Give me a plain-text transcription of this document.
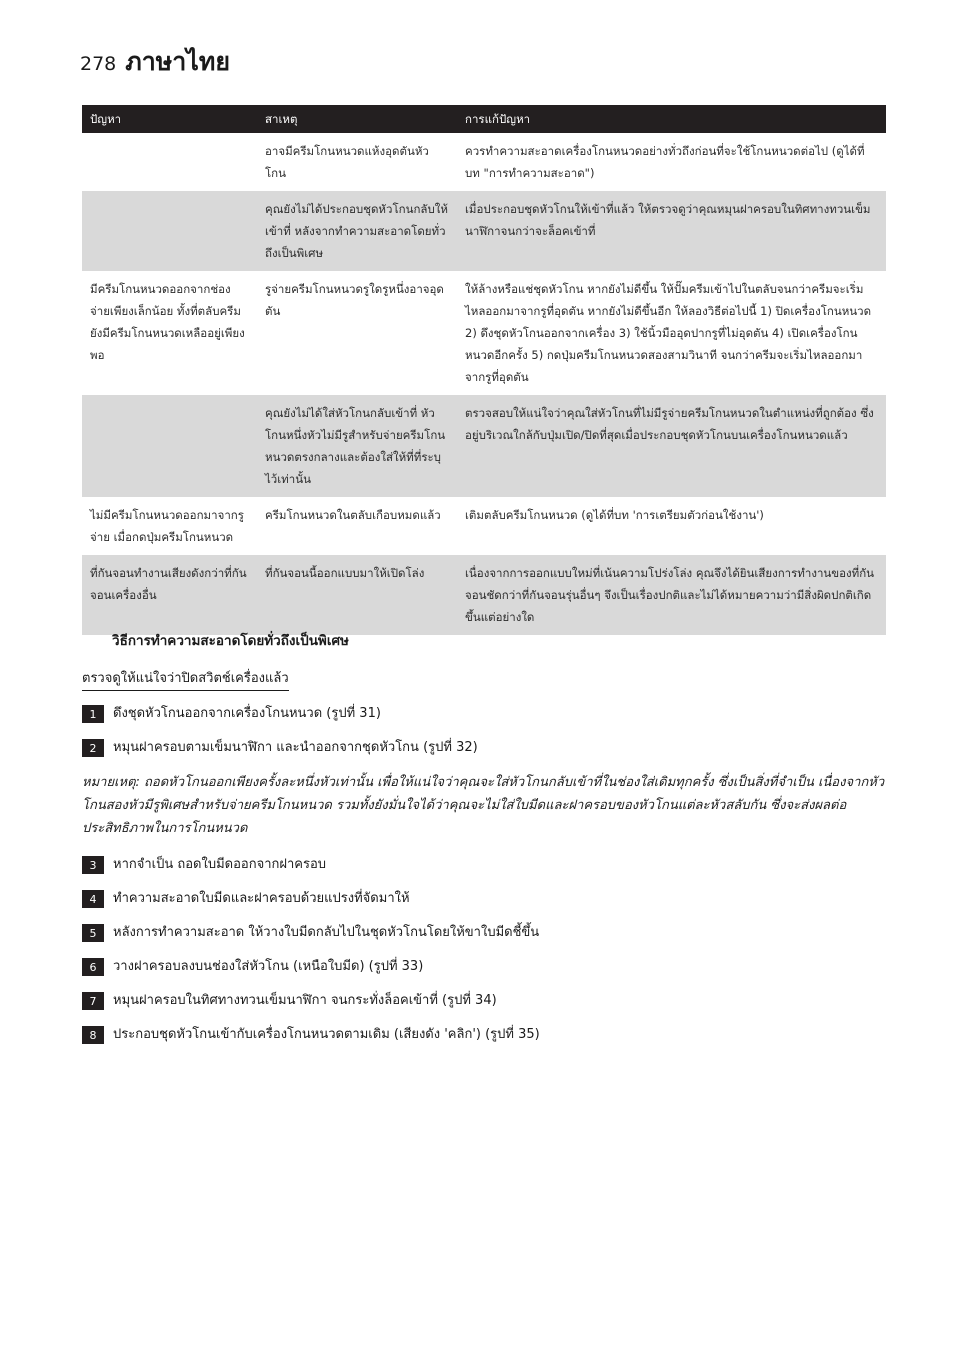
278 ภาษาไทย
ปัญหา	สาเหตุ	การแก้ปัญหา
	อาจมีครีมโกนหนวดแห้งอุดตันหัวโกน	ควรทำความสะอาดเครื่องโกนหนวดอย่างทั่วถึงก่อนที่จะใช้โกนหนวดต่อไป (ดูได้ที่บท "การทำความสะอาด")
	คุณยังไม่ได้ประกอบชุดหัวโกนกลับให้เข้าที่ หลังจากทำความสะอาดโดยทั่วถึงเป็นพิเศษ	เมื่อประกอบชุดหัวโกนให้เข้าที่แล้ว ให้ตรวจดูว่าคุณหมุนฝาครอบในทิศทางทวนเข็มนาฬิกาจนกว่าจะล็อคเข้าที่
มีครีมโกนหนวดออกจากช่องจ่ายเพียงเล็กน้อย ทั้งที่ตลับครีมยังมีครีมโกนหนวดเหลืออยู่เพียงพอ	รูจ่ายครีมโกนหนวดรูใดรูหนึ่งอาจอุดตัน	ให้ล้างหรือแช่ชุดหัวโกน หากยังไม่ดีขึ้น ให้ปั๊มครีมเข้าไปในตลับจนกว่าครีมจะเริ่มไหลออกมาจากรูที่อุดตัน หากยังไม่ดีขึ้นอีก ให้ลองวิธีต่อไปนี้ 1) ปิดเครื่องโกนหนวด 2) ดึงชุดหัวโกนออกจากเครื่อง 3) ใช้นิ้วมืออุดปากรูที่ไม่อุดตัน 4) เปิดเครื่องโกนหนวดอีกครั้ง 5) กดปุ่มครีมโกนหนวดสองสามวินาที จนกว่าครีมจะเริ่มไหลออกมาจากรูที่อุดตัน
	คุณยังไม่ได้ใส่หัวโกนกลับเข้าที่ หัวโกนหนึ่งหัวไม่มีรูสำหรับจ่ายครีมโกนหนวดตรงกลางและต้องใส่ให้ที่ที่ระบุไว้เท่านั้น	ตรวจสอบให้แน่ใจว่าคุณใส่หัวโกนที่ไม่มีรูจ่ายครีมโกนหนวดในตำแหน่งที่ถูกต้อง ซึ่งอยู่บริเวณใกล้กับปุ่มเปิด/ปิดที่สุดเมื่อประกอบชุดหัวโกนบนเครื่องโกนหนวดแล้ว
ไม่มีครีมโกนหนวดออกมาจากรูจ่าย เมื่อกดปุ่มครีมโกนหนวด	ครีมโกนหนวดในตลับเกือบหมดแล้ว	เติมตลับครีมโกนหนวด (ดูได้ที่บท 'การเตรียมตัวก่อนใช้งาน')
ที่กันจอนทำงานเสียงดังกว่าที่กันจอนเครื่องอื่น	ที่กันจอนนี้ออกแบบมาให้เปิดโล่ง	เนื่องจากการออกแบบใหม่ที่เน้นความโปร่งโล่ง คุณจึงได้ยินเสียงการทำงานของที่กันจอนชัดกว่าที่กันจอนรุ่นอื่นๆ จึงเป็นเรื่องปกติและไม่ได้หมายความว่ามีสิ่งผิดปกติเกิดขึ้นแต่อย่างใด
วิธีการทำความสะอาดโดยทั่วถึงเป็นพิเศษ
ตรวจดูให้แน่ใจว่าปิดสวิตช์เครื่องแล้ว
1	ดึงชุดหัวโกนออกจากเครื่องโกนหนวด (รูปที่ 31)
2	หมุนฝาครอบตามเข็มนาฬิกา และนำออกจากชุดหัวโกน (รูปที่ 32)

หมายเหตุ: ถอดหัวโกนออกเพียงครั้งละหนึ่งหัวเท่านั้น เพื่อให้แน่ใจว่าคุณจะใส่หัวโกนกลับเข้าที่ในช่องใส่เดิมทุกครั้ง ซึ่งเป็นสิ่งที่จำเป็น เนื่องจากหัวโกนสองหัวมีรูพิเศษสำหรับจ่ายครีมโกนหนวด รวมทั้งยังมั่นใจได้ว่าคุณจะไม่ใส่ใบมีดและฝาครอบของหัวโกนแต่ละหัวสลับกัน ซึ่งจะส่งผลต่อประสิทธิภาพในการโกนหนวด

3	หากจำเป็น ถอดใบมีดออกจากฝาครอบ
4	ทำความสะอาดใบมีดและฝาครอบด้วยแปรงที่จัดมาให้
5	หลังการทำความสะอาด ให้วางใบมีดกลับไปในชุดหัวโกนโดยให้ขาใบมีดชี้ขึ้น
6	วางฝาครอบลงบนช่องใส่หัวโกน (เหนือใบมีด) (รูปที่ 33)
7	หมุนฝาครอบในทิศทางทวนเข็มนาฬิกา จนกระทั่งล็อคเข้าที่ (รูปที่ 34)
8	ประกอบชุดหัวโกนเข้ากับเครื่องโกนหนวดตามเดิม (เสียงดัง 'คลิก') (รูปที่ 35)
